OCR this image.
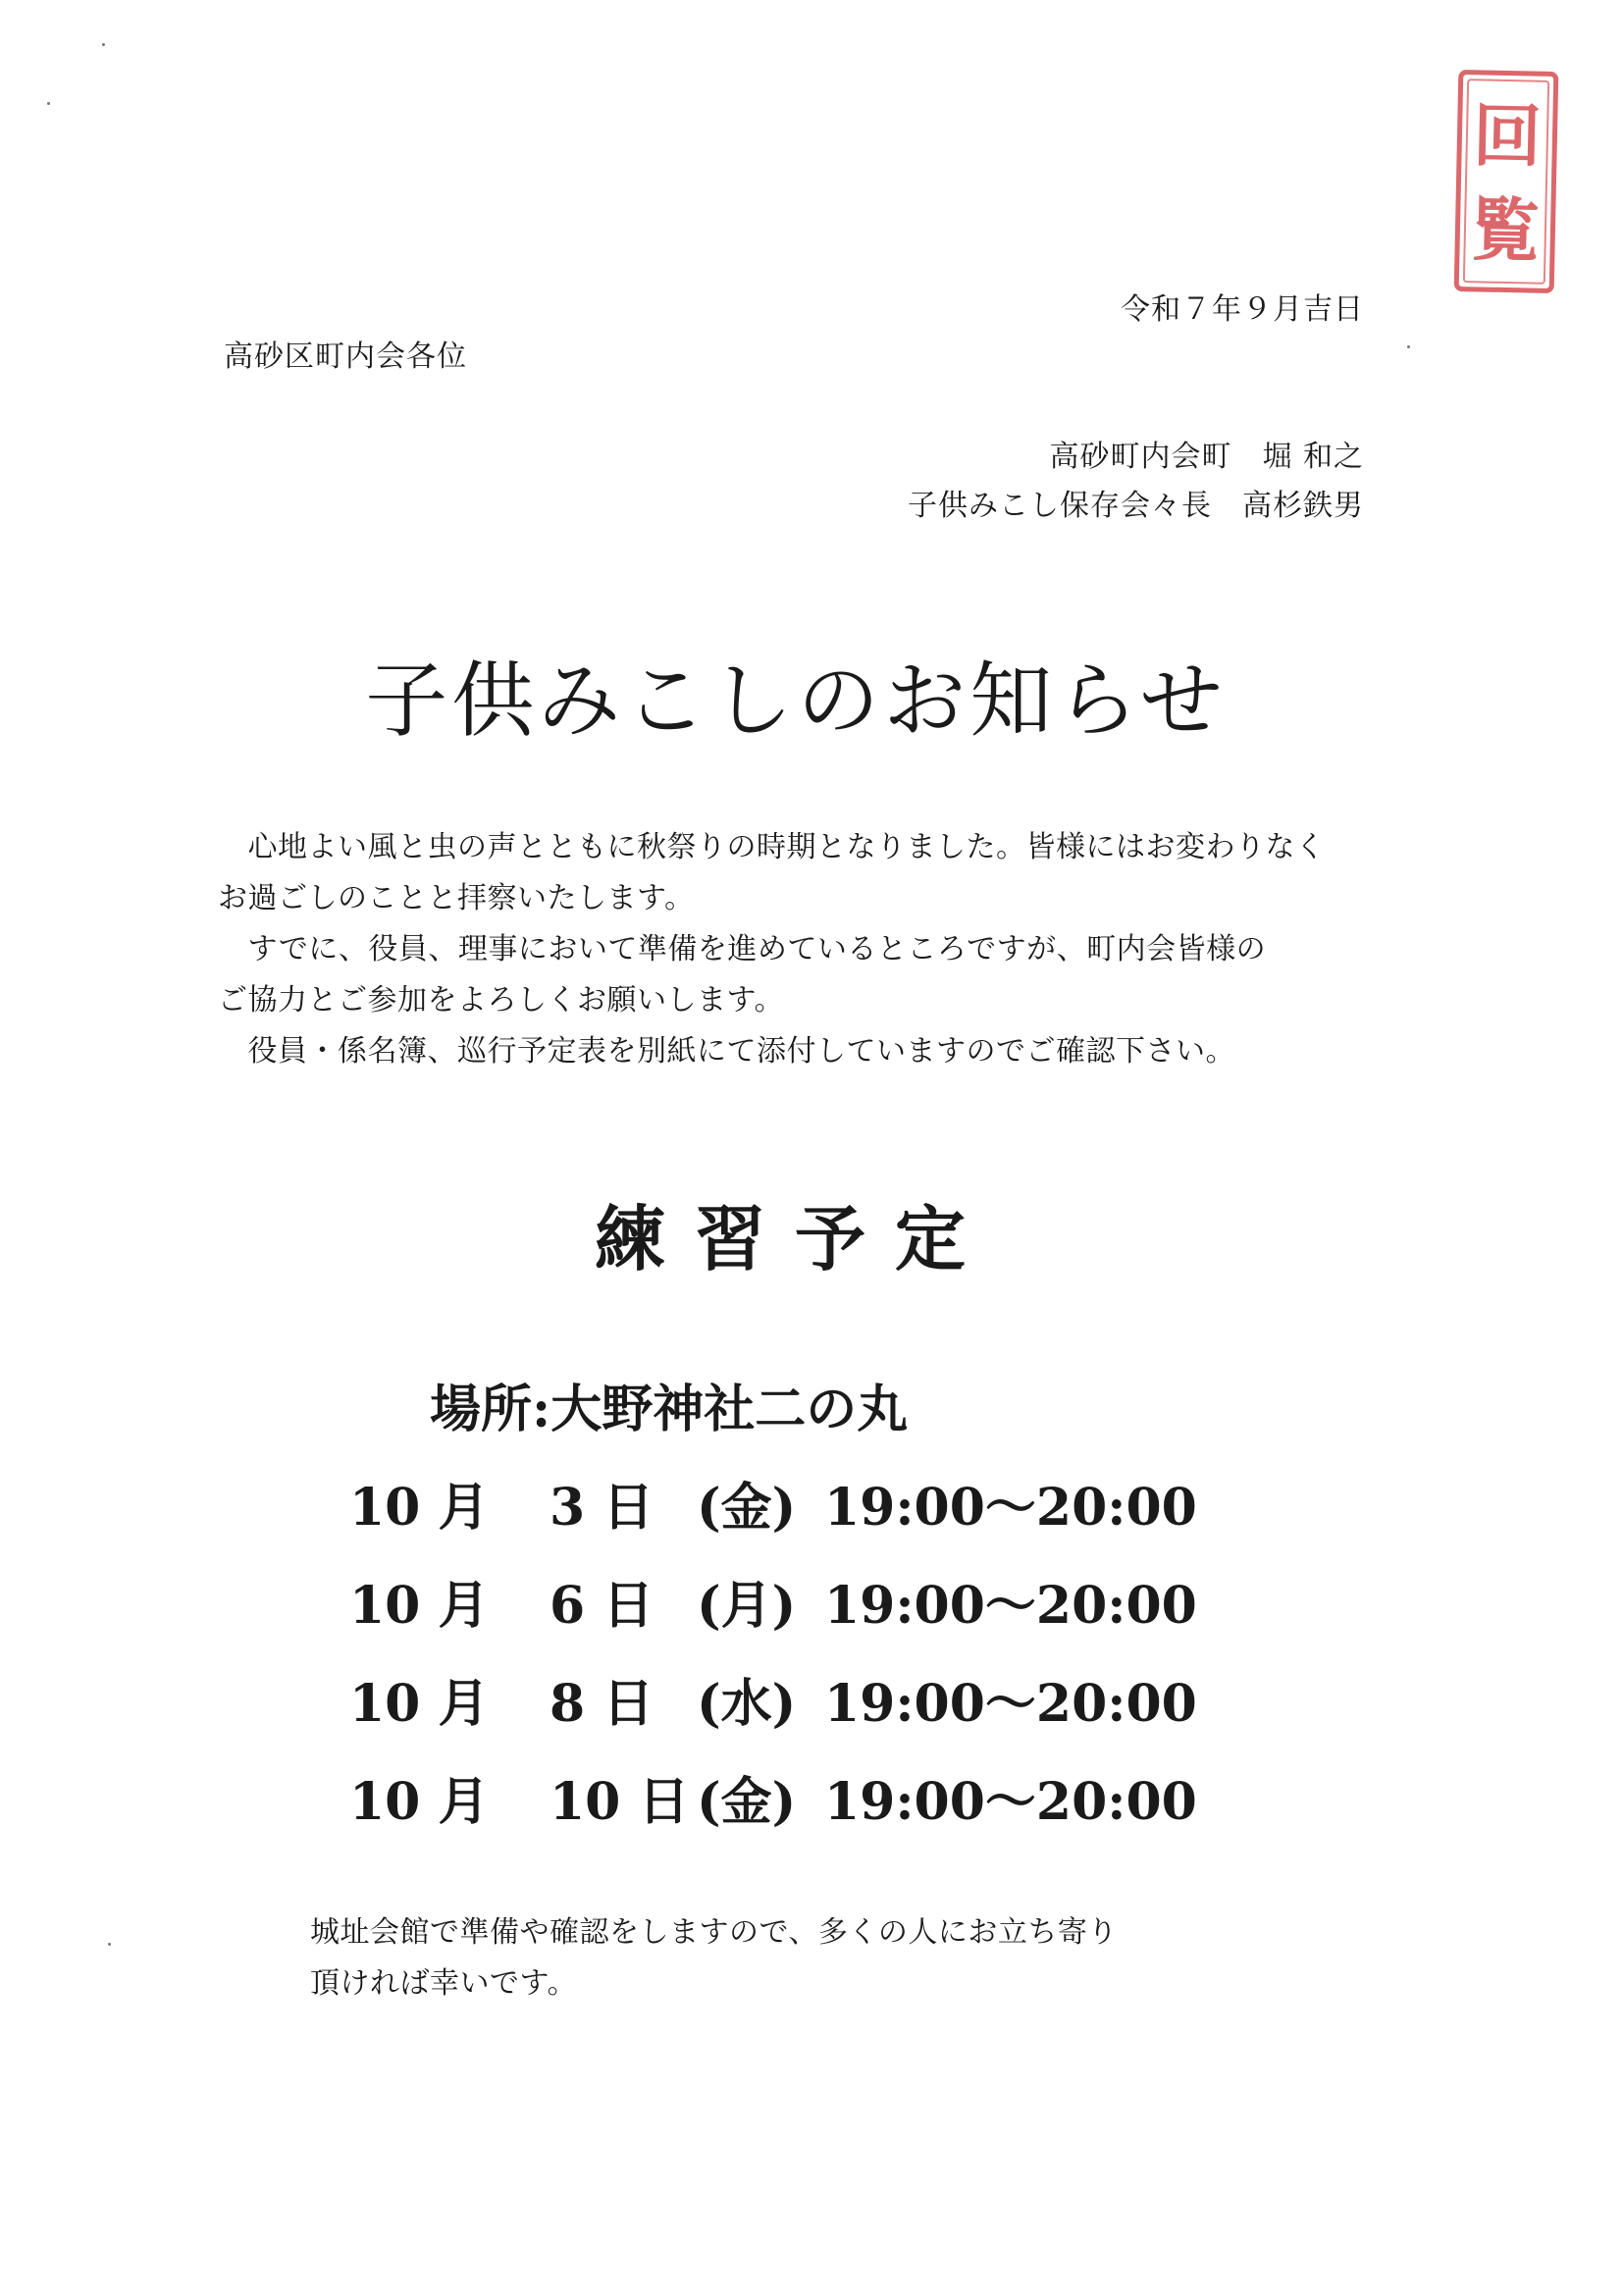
回
覧
令和７年９月吉日
高砂区町内会各位
高砂町内会町　堀 和之
子供みこし保存会々長　高杉鉄男
子供みこしのお知らせ
　心地よい風と虫の声とともに秋祭りの時期となりました。皆様にはお変わりなく
お過ごしのことと拝察いたします。
　すでに、役員、理事において準備を進めているところですが、町内会皆様の
ご協力とご参加をよろしくお願いします。
　役員・係名簿、巡行予定表を別紙にて添付していますのでご確認下さい。
練習予定
場所:大野神社二の丸
10 月 3 日 (金) 19:00～20:00
10 月 6 日 (月) 19:00～20:00
10 月 8 日 (水) 19:00～20:00
10 月 10 日 (金) 19:00～20:00
城址会館で準備や確認をしますので、多くの人にお立ち寄り
頂ければ幸いです。
